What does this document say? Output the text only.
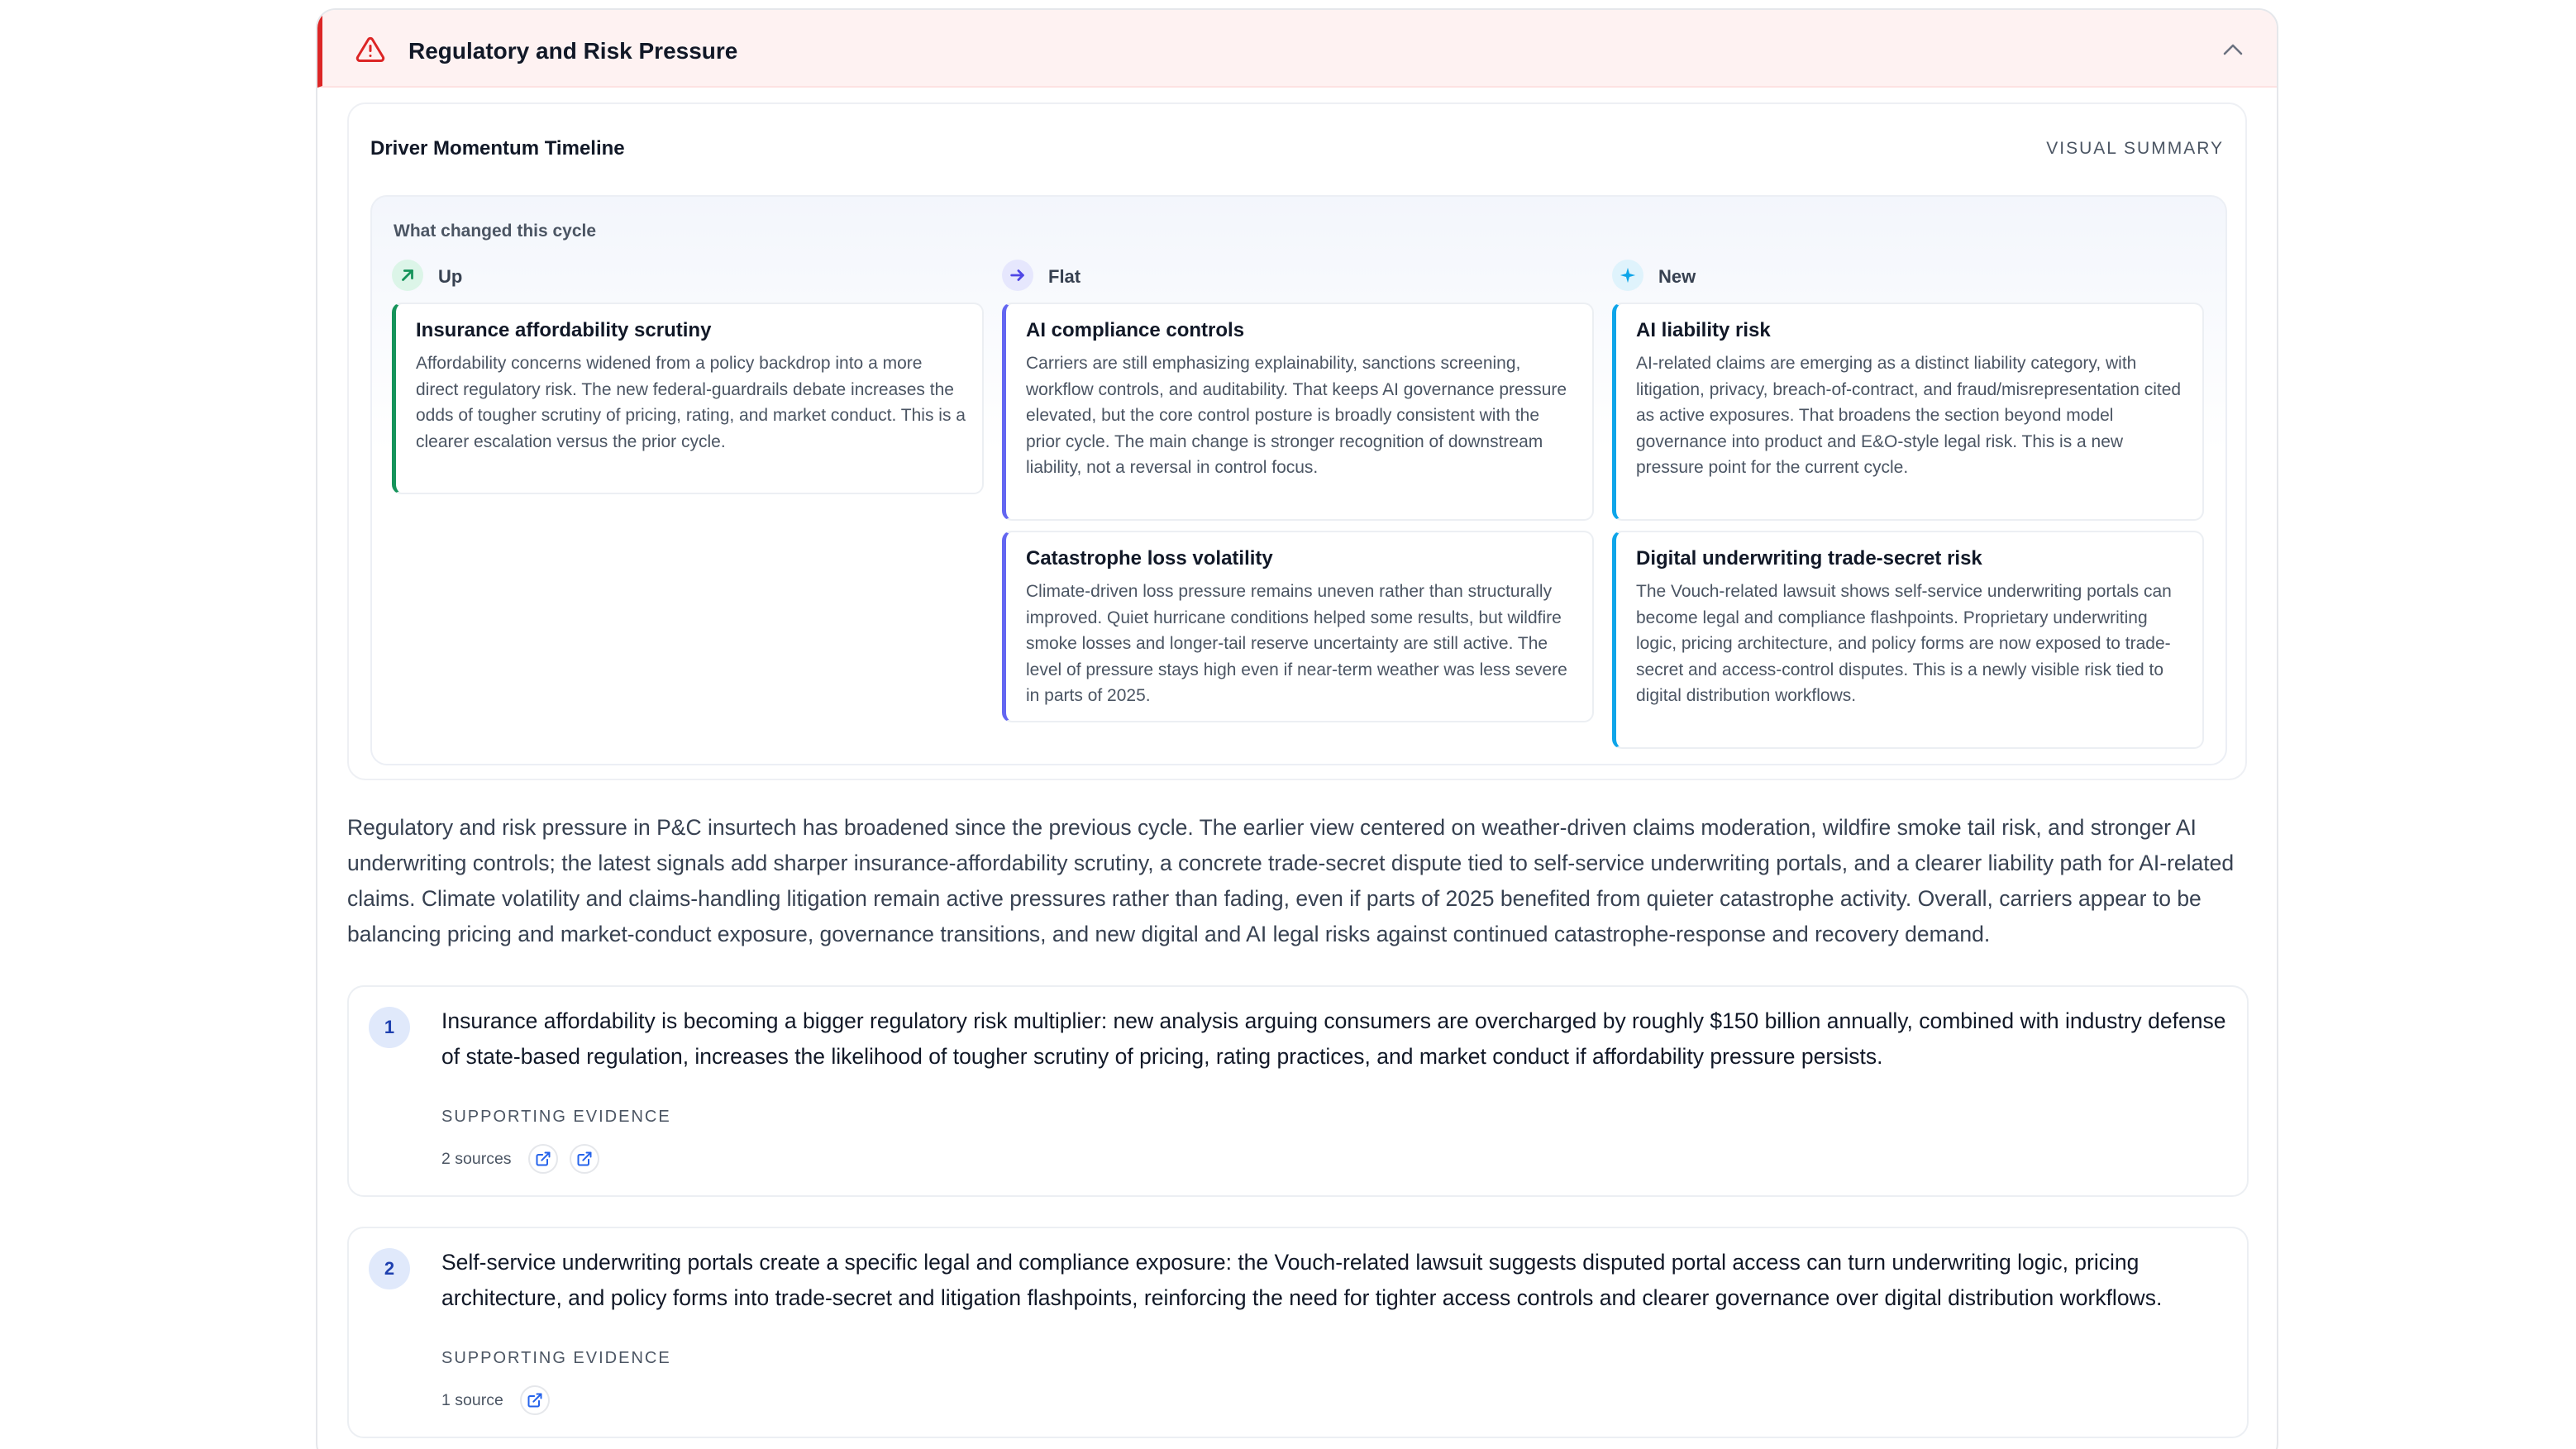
Regulatory and Risk Pressure
Driver Momentum Timeline	VISUAL SUMMARY
What changed this cycle
Up
Insurance affordability scrutiny
Affordability concerns widened from a policy backdrop into a more direct regulatory risk. The new federal-guardrails debate increases the odds of tougher scrutiny of pricing, rating, and market conduct. This is a clearer escalation versus the prior cycle.
Flat
AI compliance controls
Carriers are still emphasizing explainability, sanctions screening, workflow controls, and auditability. That keeps AI governance pressure elevated, but the core control posture is broadly consistent with the prior cycle. The main change is stronger recognition of downstream liability, not a reversal in control focus.
Catastrophe loss volatility
Climate-driven loss pressure remains uneven rather than structurally improved. Quiet hurricane conditions helped some results, but wildfire smoke losses and longer-tail reserve uncertainty are still active. The level of pressure stays high even if near-term weather was less severe in parts of 2025.
New
AI liability risk
AI-related claims are emerging as a distinct liability category, with litigation, privacy, breach-of-contract, and fraud/misrepresentation cited as active exposures. That broadens the section beyond model governance into product and E&O-style legal risk. This is a new pressure point for the current cycle.
Digital underwriting trade-secret risk
The Vouch-related lawsuit shows self-service underwriting portals can become legal and compliance flashpoints. Proprietary underwriting logic, pricing architecture, and policy forms are now exposed to trade-secret and access-control disputes. This is a newly visible risk tied to digital distribution workflows.
Regulatory and risk pressure in P&C insurtech has broadened since the previous cycle. The earlier view centered on weather-driven claims moderation, wildfire smoke tail risk, and stronger AI underwriting controls; the latest signals add sharper insurance-affordability scrutiny, a concrete trade-secret dispute tied to self-service underwriting portals, and a clearer liability path for AI-related claims. Climate volatility and claims-handling litigation remain active pressures rather than fading, even if parts of 2025 benefited from quieter catastrophe activity. Overall, carriers appear to be balancing pricing and market-conduct exposure, governance transitions, and new digital and AI legal risks against continued catastrophe-response and recovery demand.
1	Insurance affordability is becoming a bigger regulatory risk multiplier: new analysis arguing consumers are overcharged by roughly $150 billion annually, combined with industry defense of state-based regulation, increases the likelihood of tougher scrutiny of pricing, rating practices, and market conduct if affordability pressure persists.
SUPPORTING EVIDENCE
2 sources
2	Self-service underwriting portals create a specific legal and compliance exposure: the Vouch-related lawsuit suggests disputed portal access can turn underwriting logic, pricing architecture, and policy forms into trade-secret and litigation flashpoints, reinforcing the need for tighter access controls and clearer governance over digital distribution workflows.
SUPPORTING EVIDENCE
1 source
